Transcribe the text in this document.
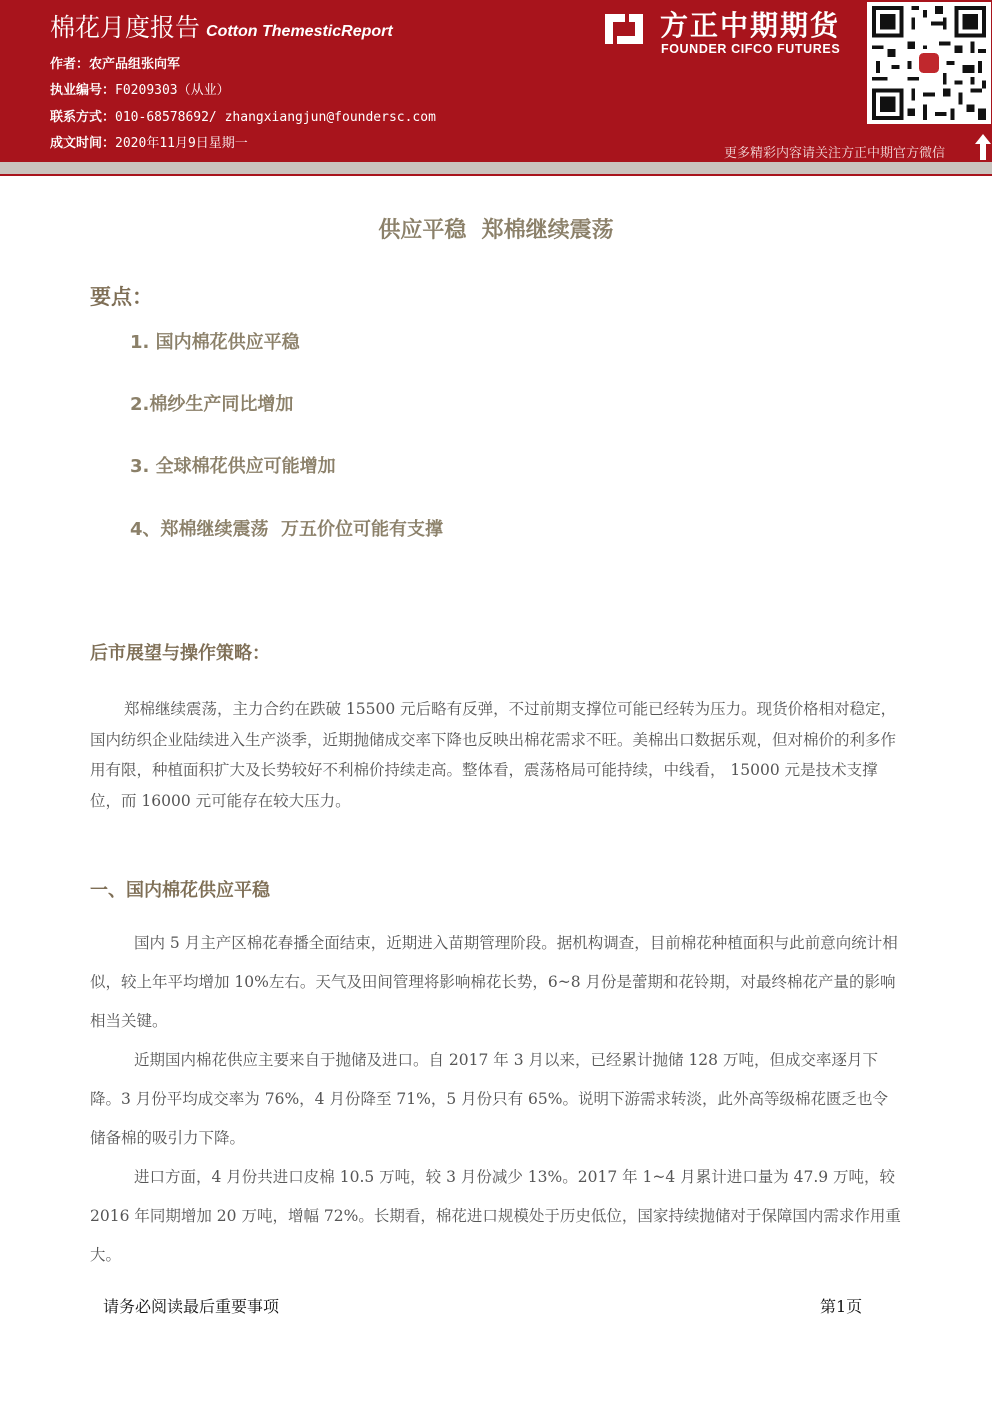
棉花月度报告 Cotton ThemesticReport
作者：农产品组张向军
执业编号：F0209303（从业）
联系方式：010-68578692/ zhangxiangjun@foundersc.com
成文时间：2020年11月9日星期一
方正中期期货
FOUNDER CIFCO FUTURES
更多精彩内容请关注方正中期官方微信
供应平稳  郑棉继续震荡
要点：
1. 国内棉花供应平稳
2.棉纱生产同比增加
3. 全球棉花供应可能增加
4、郑棉继续震荡  万五价位可能有支撑
后市展望与操作策略：
郑棉继续震荡，主力合约在跌破 15500 元后略有反弹，不过前期支撑位可能已经转为压力。现货价格相对稳定，国内纺织企业陆续进入生产淡季，近期抛储成交率下降也反映出棉花需求不旺。美棉出口数据乐观，但对棉价的利多作用有限，种植面积扩大及长势较好不利棉价持续走高。整体看，震荡格局可能持续，中线看， 15000 元是技术支撑位，而 16000 元可能存在较大压力。
一、国内棉花供应平稳
国内 5 月主产区棉花春播全面结束，近期进入苗期管理阶段。据机构调查，目前棉花种植面积与此前意向统计相似，较上年平均增加 10%左右。天气及田间管理将影响棉花长势，6~8 月份是蕾期和花铃期，对最终棉花产量的影响相当关键。
近期国内棉花供应主要来自于抛储及进口。自 2017 年 3 月以来，已经累计抛储 128 万吨，但成交率逐月下降。3 月份平均成交率为 76%，4 月份降至 71%，5 月份只有 65%。说明下游需求转淡，此外高等级棉花匮乏也令储备棉的吸引力下降。
进口方面，4 月份共进口皮棉 10.5 万吨，较 3 月份减少 13%。2017 年 1~4 月累计进口量为 47.9 万吨，较 2016 年同期增加 20 万吨，增幅 72%。长期看，棉花进口规模处于历史低位，国家持续抛储对于保障国内需求作用重大。
请务必阅读最后重要事项	第1页
